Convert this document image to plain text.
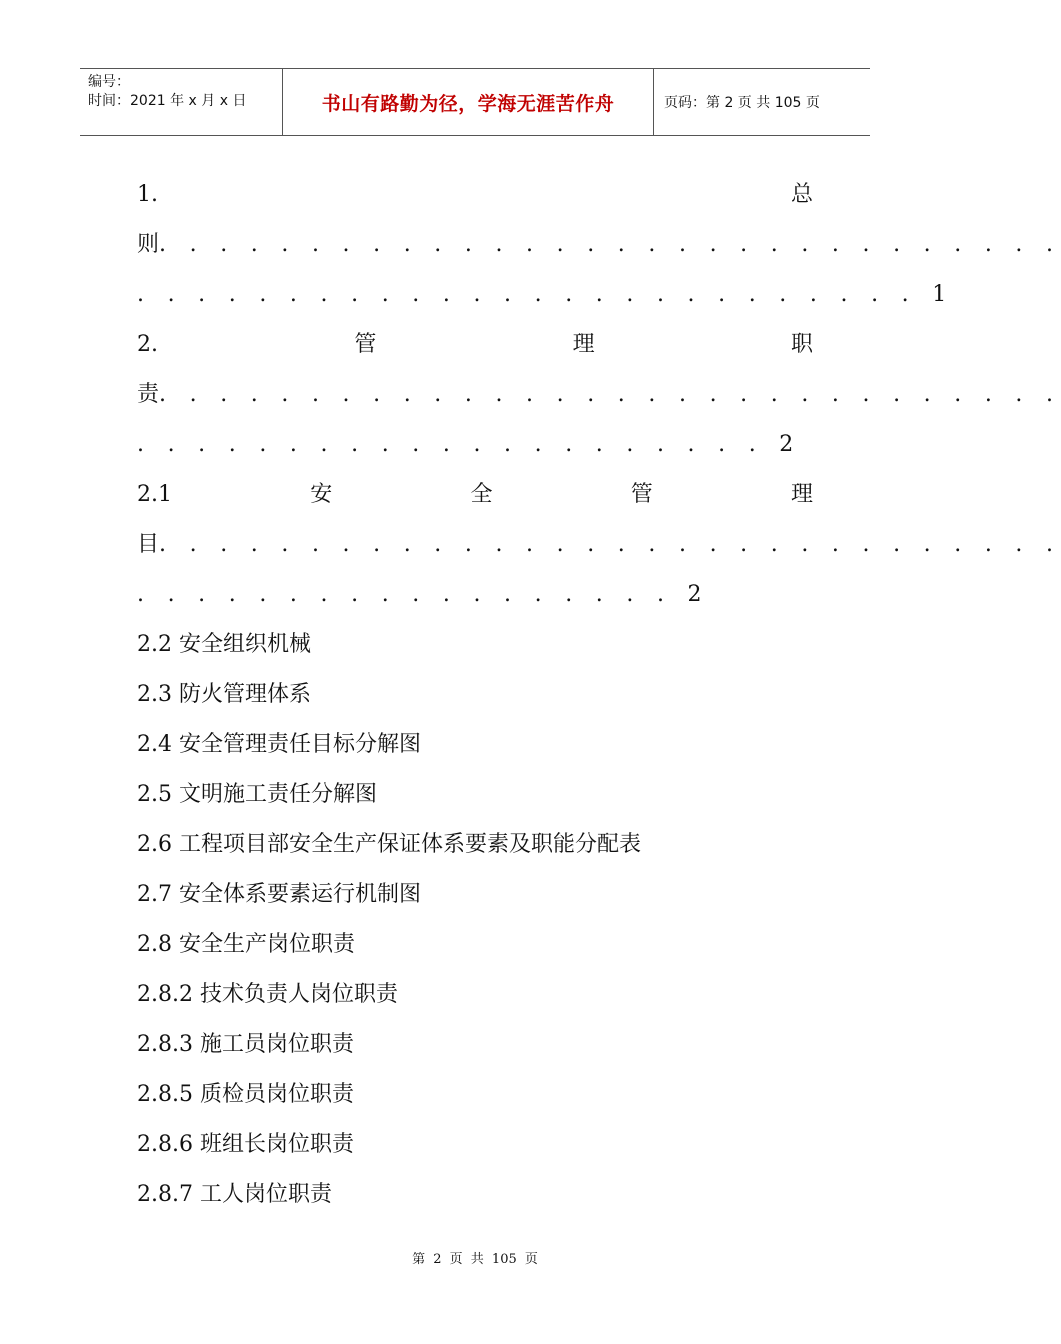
编号：
时间：2021 年 x 月 x 日	书山有路勤为径，学海无涯苦作舟	页码：第 2 页 共 105 页
1.	总
则. . . . . . . . . . . . . . . . . . . . . . . . . . . . . .
. . . . . . . . . . . . . . . . . . . . . . . . . . 1
2.	管	理	职
责. . . . . . . . . . . . . . . . . . . . . . . . . . . . . .
. . . . . . . . . . . . . . . . . . . . . 2
2.1	安	全	管	理
目. . . . . . . . . . . . . . . . . . . . . . . . . . . . . .
. . . . . . . . . . . . . . . . . . 2
2.2 安全组织机械
2.3 防火管理体系
2.4 安全管理责任目标分解图
2.5 文明施工责任分解图
2.6 工程项目部安全生产保证体系要素及职能分配表
2.7 安全体系要素运行机制图
2.8 安全生产岗位职责
2.8.2 技术负责人岗位职责
2.8.3 施工员岗位职责
2.8.5 质检员岗位职责
2.8.6 班组长岗位职责
2.8.7 工人岗位职责
第 2 页 共 105 页
